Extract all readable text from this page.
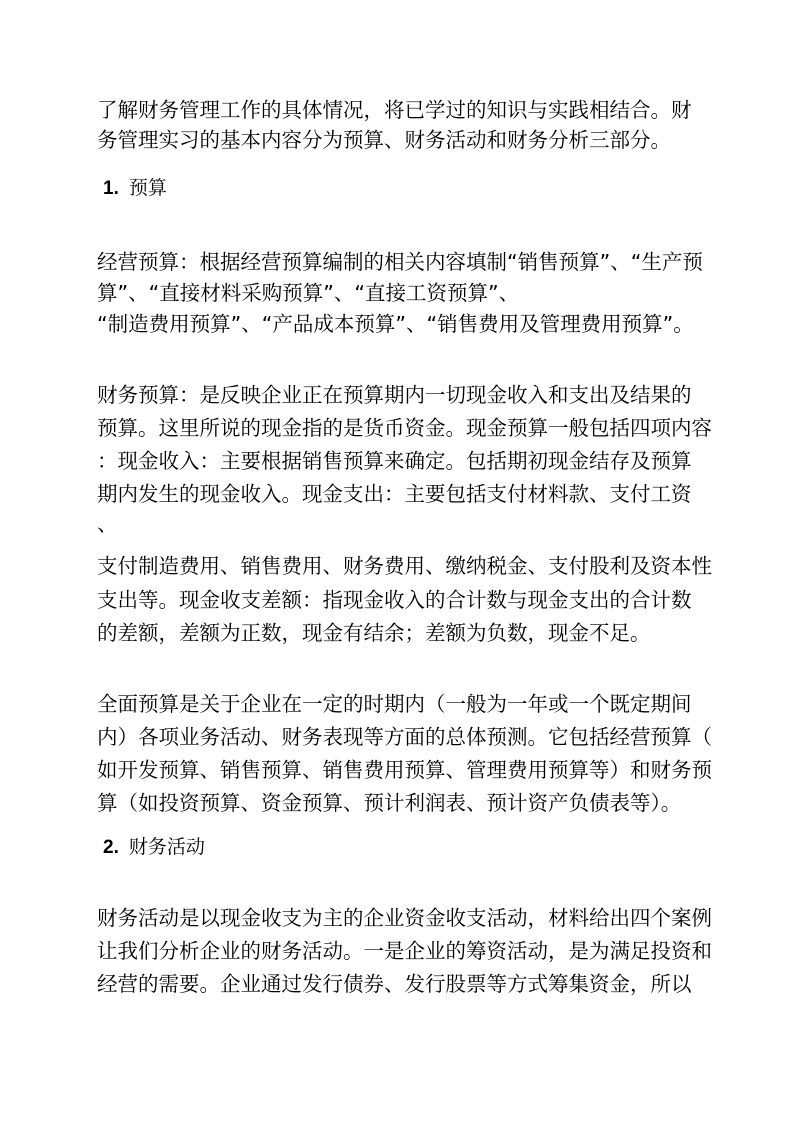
了解财务管理工作的具体情况，将已学过的知识与实践相结合。财
务管理实习的基本内容分为预算、财务活动和财务分析三部分。
1. 预算
经营预算：根据经营预算编制的相关内容填制“销售预算”、“生产预
算”、“直接材料采购预算”、“直接工资预算”、
“制造费用预算”、“产品成本预算”、“销售费用及管理费用预算”。
财务预算：是反映企业正在预算期内一切现金收入和支出及结果的
预算。这里所说的现金指的是货币资金。现金预算一般包括四项内容
：现金收入：主要根据销售预算来确定。包括期初现金结存及预算
期内发生的现金收入。现金支出：主要包括支付材料款、支付工资
、
支付制造费用、销售费用、财务费用、缴纳税金、支付股利及资本性
支出等。现金收支差额：指现金收入的合计数与现金支出的合计数
的差额，差额为正数，现金有结余；差额为负数，现金不足。
全面预算是关于企业在一定的时期内（一般为一年或一个既定期间
内）各项业务活动、财务表现等方面的总体预测。它包括经营预算（
如开发预算、销售预算、销售费用预算、管理费用预算等）和财务预
算（如投资预算、资金预算、预计利润表、预计资产负债表等）。
2. 财务活动
财务活动是以现金收支为主的企业资金收支活动，材料给出四个案例
让我们分析企业的财务活动。一是企业的筹资活动，是为满足投资和
经营的需要。企业通过发行债券、发行股票等方式筹集资金，所以
